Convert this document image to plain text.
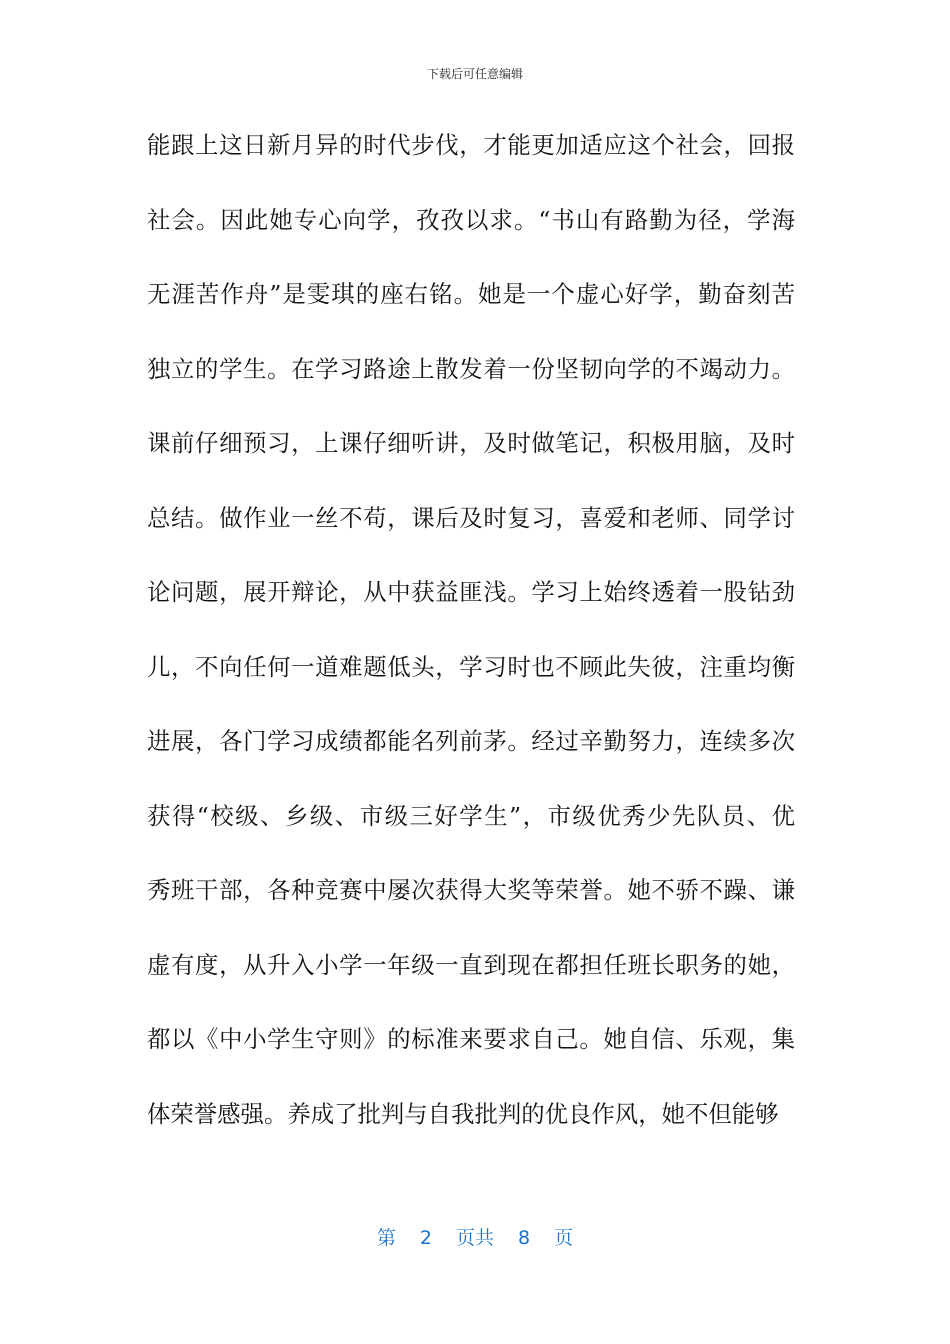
下载后可任意编辑
能跟上这日新月异的时代步伐，才能更加适应这个社会，回报
社会。因此她专心向学，孜孜以求。“书山有路勤为径，学海
无涯苦作舟”是雯琪的座右铭。她是一个虚心好学，勤奋刻苦
独立的学生。在学习路途上散发着一份坚韧向学的不竭动力。
课前仔细预习，上课仔细听讲，及时做笔记，积极用脑，及时
总结。做作业一丝不苟，课后及时复习，喜爱和老师、同学讨
论问题，展开辩论，从中获益匪浅。学习上始终透着一股钻劲
儿，不向任何一道难题低头，学习时也不顾此失彼，注重均衡
进展，各门学习成绩都能名列前茅。经过辛勤努力，连续多次
获得“校级、乡级、市级三好学生”，市级优秀少先队员、优
秀班干部，各种竞赛中屡次获得大奖等荣誉。她不骄不躁、谦
虚有度，从升入小学一年级一直到现在都担任班长职务的她，
都以《中小学生守则》的标准来要求自己。她自信、乐观，集
体荣誉感强。养成了批判与自我批判的优良作风，她不但能够
第 2 页共 8 页
